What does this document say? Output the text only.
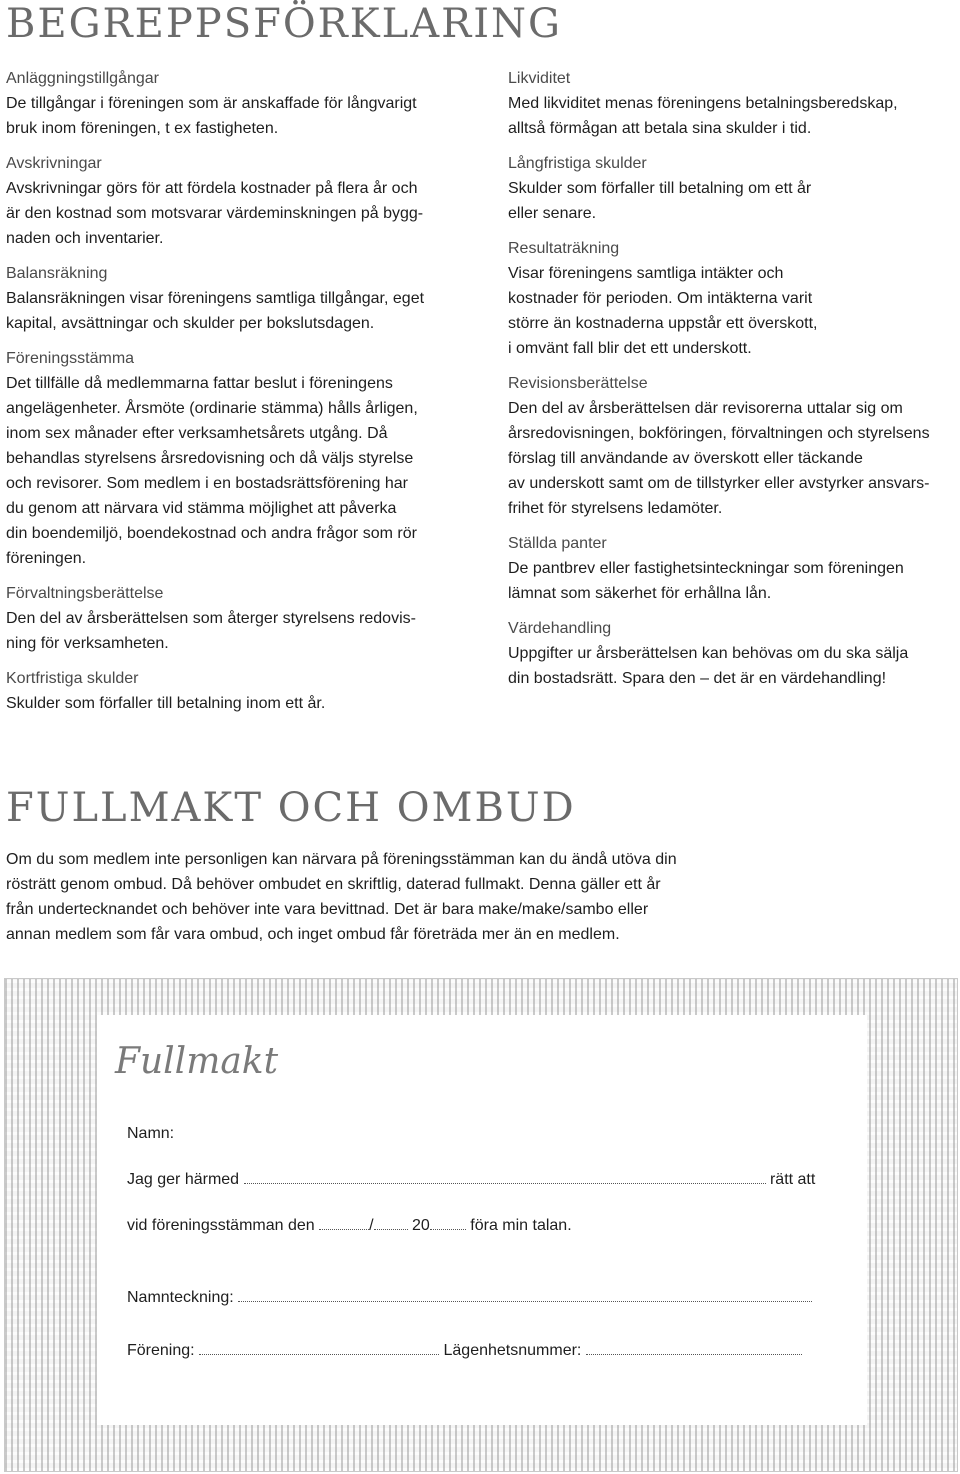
BEGREPPSFÖRKLARING

Anläggningstillgångar

De tillgångar i föreningen som är anskaffade för långvarigt
bruk inom föreningen, t ex fastigheten.

Avskrivningar

Avskrivningar görs för att fördela kostnader på flera år och
är den kostnad som motsvarar värdeminskningen på bygg-
naden och inventarier.

Balansräkning

Balansräkningen visar föreningens samtliga tillgångar, eget
kapital, avsättningar och skulder per bokslutsdagen.

Föreningsstämma

Det tillfälle då medlemmarna fattar beslut i föreningens
angelägenheter. Årsmöte (ordinarie stämma) hålls årligen,
inom sex månader efter verksamhetsårets utgång. Då
behandlas styrelsens årsredovisning och då väljs styrelse
och revisorer. Som medlem i en bostadsrättsförening har
du genom att närvara vid stämma möjlighet att påverka
din boendemiljö, boendekostnad och andra frågor som rör
föreningen.

Förvaltningsberättelse

Den del av årsberättelsen som återger styrelsens redovis-
ning för verksamheten.

Kortfristiga skulder

Skulder som förfaller till betalning inom ett år.

Likviditet

Med likviditet menas föreningens betalningsberedskap,
alltså förmågan att betala sina skulder i tid.

Långfristiga skulder

Skulder som förfaller till betalning om ett år
eller senare.

Resultaträkning

Visar föreningens samtliga intäkter och
kostnader för perioden. Om intäkterna varit
större än kostnaderna uppstår ett överskott,
i omvänt fall blir det ett underskott.

Revisionsberättelse

Den del av årsberättelsen där revisorerna uttalar sig om
årsredovisningen, bokföringen, förvaltningen och styrelsens
förslag till användande av överskott eller täckande
av underskott samt om de tillstyrker eller avstyrker ansvars-
frihet för styrelsens ledamöter.

Ställda panter

De pantbrev eller fastighetsinteckningar som föreningen
lämnat som säkerhet för erhållna lån.

Värdehandling

Uppgifter ur årsberättelsen kan behövas om du ska sälja
din bostadsrätt. Spara den – det är en värdehandling!

FULLMAKT OCH OMBUD

Om du som medlem inte personligen kan närvara på föreningsstämman kan du ändå utöva din
rösträtt genom ombud. Då behöver ombudet en skriftlig, daterad fullmakt. Denna gäller ett år
från undertecknandet och behöver inte vara bevittnad. Det är bara make/make/sambo eller
annan medlem som får vara ombud, och inget ombud får företräda mer än en medlem.

Fullmakt
Namn:
Jag ger härmed	rätt att
vid föreningsstämman den	/ 20	föra min talan.
Namnteckning:
Förening:	Lägenhetsnummer:
